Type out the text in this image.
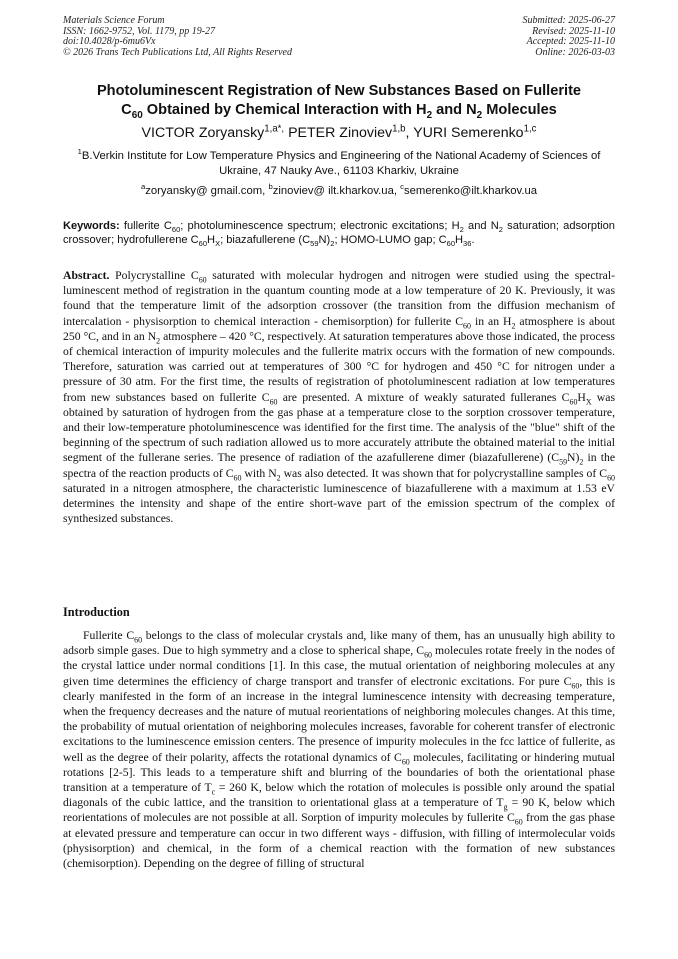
Materials Science Forum
ISSN: 1662-9752, Vol. 1179, pp 19-27
doi:10.4028/p-6mu6Vx
© 2026 Trans Tech Publications Ltd, All Rights Reserved
Submitted: 2025-06-27
Revised: 2025-11-10
Accepted: 2025-11-10
Online: 2026-03-03
Photoluminescent Registration of New Substances Based on Fullerite
$C_{60}$ Obtained by Chemical Interaction with $H_2$ and $N_2$ Molecules
VICTOR Zoryansky$^{1,a*,}$ PETER Zinoviev$^{1,b}$, YURI Semerenko$^{1,c}$
$^1$B.Verkin Institute for Low Temperature Physics and Engineering of the National Academy of Sciences of Ukraine, 47 Nauky Ave., 61103 Kharkiv, Ukraine
$^a$zoryansky@ gmail.com, $^b$zinoviev@ ilt.kharkov.ua, $^c$semerenko@ilt.kharkov.ua
Keywords: fullerite $C_{60}$; photoluminescence spectrum; electronic excitations; $H_2$ and $N_2$ saturation; adsorption crossover; hydrofullerene $C_{60}H_X$; biazafullerene $(C_{59}N)_2$; HOMO-LUMO gap; $C_{60}H_{36}$.
Abstract. Polycrystalline $C_{60}$ saturated with molecular hydrogen and nitrogen were studied using the spectral-luminescent method of registration in the quantum counting mode at a low temperature of 20 K. Previously, it was found that the temperature limit of the adsorption crossover (the transition from the diffusion mechanism of intercalation - physisorption to chemical interaction - chemisorption) for fullerite $C_{60}$ in an $H_2$ atmosphere is about 250 °C, and in an $N_2$ atmosphere – 420 °C, respectively. At saturation temperatures above those indicated, the process of chemical interaction of impurity molecules and the fullerite matrix occurs with the formation of new compounds. Therefore, saturation was carried out at temperatures of 300 °C for hydrogen and 450 °C for nitrogen under a pressure of 30 atm. For the first time, the results of registration of photoluminescent radiation at low temperatures from new substances based on fullerite $C_{60}$ are presented. A mixture of weakly saturated fulleranes $C_{60}H_X$ was obtained by saturation of hydrogen from the gas phase at a temperature close to the sorption crossover temperature, and their low-temperature photoluminescence was identified for the first time. The analysis of the "blue" shift of the beginning of the spectrum of such radiation allowed us to more accurately attribute the obtained material to the initial segment of the fullerane series. The presence of radiation of the azafullerene dimer (biazafullerene) $(C_{59}N)_2$ in the spectra of the reaction products of $C_{60}$ with $N_2$ was also detected. It was shown that for polycrystalline samples of $C_{60}$ saturated in a nitrogen atmosphere, the characteristic luminescence of biazafullerene with a maximum at 1.53 eV determines the intensity and shape of the entire short-wave part of the emission spectrum of the complex of synthesized substances.
Introduction
Fullerite $C_{60}$ belongs to the class of molecular crystals and, like many of them, has an unusually high ability to adsorb simple gases. Due to high symmetry and a close to spherical shape, $C_{60}$ molecules rotate freely in the nodes of the crystal lattice under normal conditions [1]. In this case, the mutual orientation of neighboring molecules at any given time determines the efficiency of charge transport and transfer of electronic excitations. For pure $C_{60}$, this is clearly manifested in the form of an increase in the integral luminescence intensity with decreasing temperature, when the frequency decreases and the nature of mutual reorientations of neighboring molecules changes. At this time, the probability of mutual orientation of neighboring molecules increases, favorable for coherent transfer of electronic excitations to the luminescence emission centers. The presence of impurity molecules in the fcc lattice of fullerite, as well as the degree of their polarity, affects the rotational dynamics of $C_{60}$ molecules, facilitating or hindering mutual rotations [2-5]. This leads to a temperature shift and blurring of the boundaries of both the orientational phase transition at a temperature of $T_c = 260$ K, below which the rotation of molecules is possible only around the spatial diagonals of the cubic lattice, and the transition to orientational glass at a temperature of $T_g = 90$ K, below which reorientations of molecules are not possible at all. Sorption of impurity molecules by fullerite $C_{60}$ from the gas phase at elevated pressure and temperature can occur in two different ways - diffusion, with filling of intermolecular voids (physisorption) and chemical, in the form of a chemical reaction with the formation of new substances (chemisorption). Depending on the degree of filling of structural
